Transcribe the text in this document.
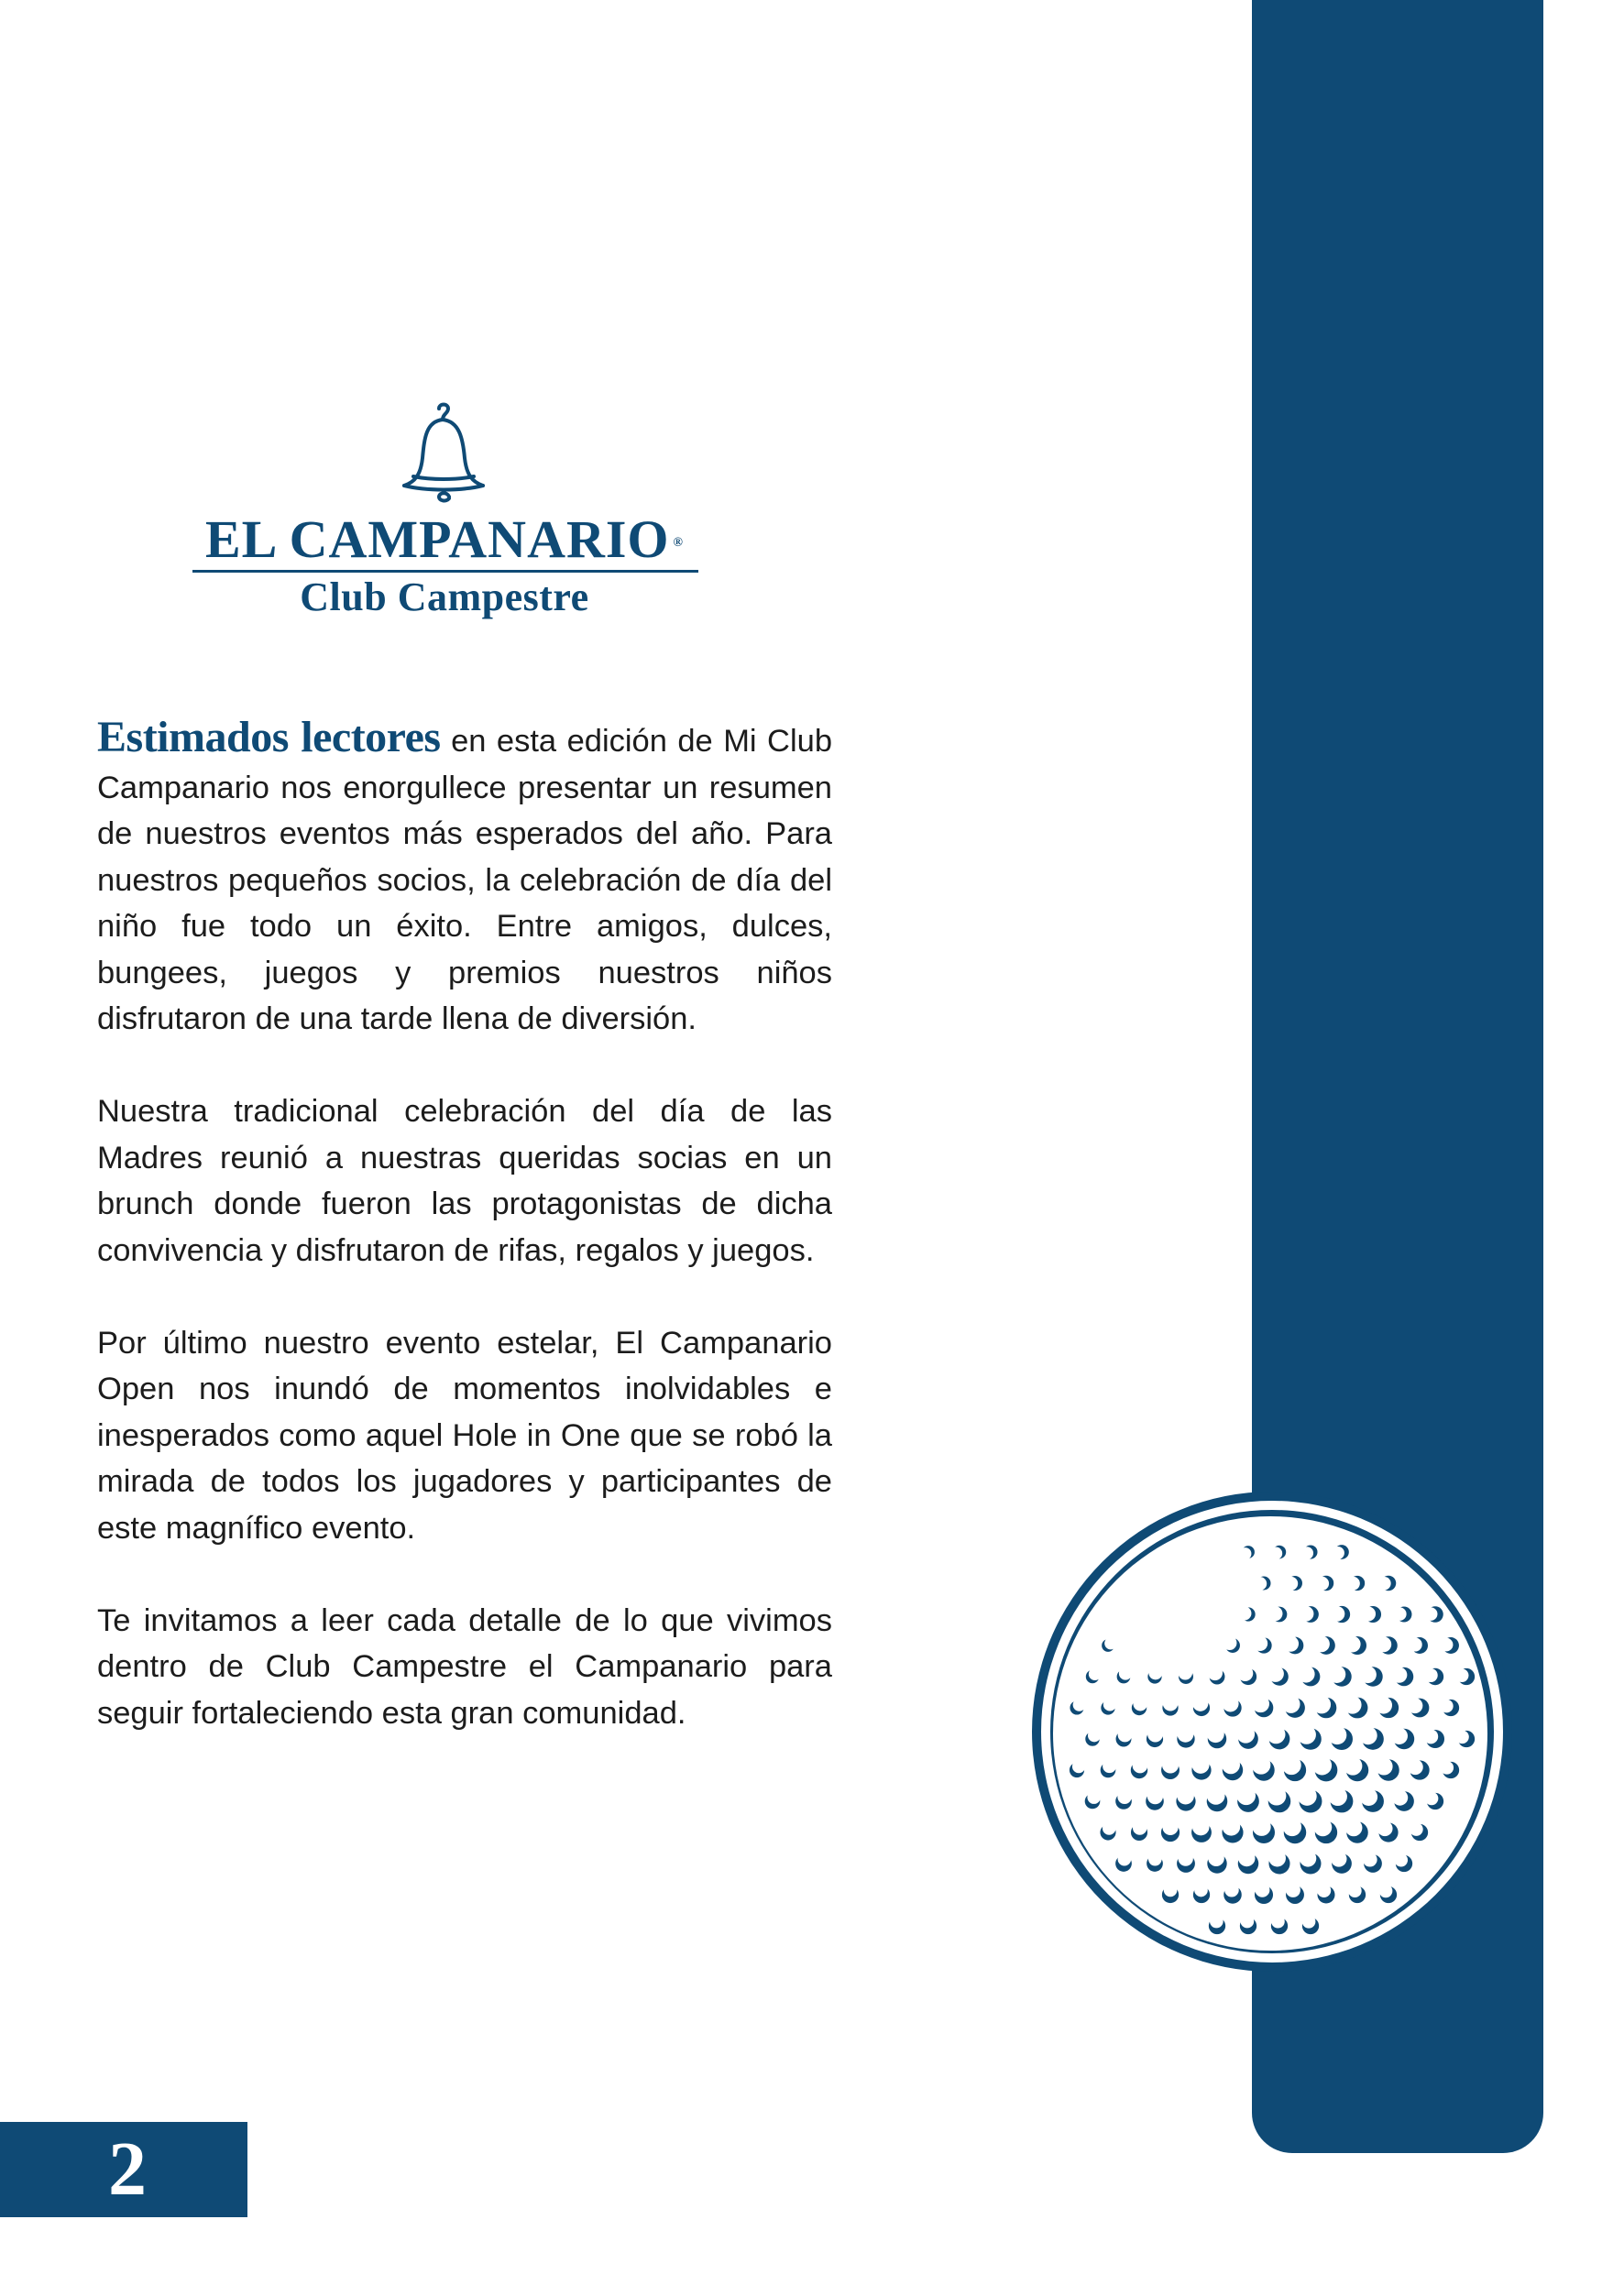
EL CAMPANARIO ®
Club Campestre

Estimados lectores en esta edición de Mi Club Campanario nos enorgullece presentar un resumen de nuestros eventos más esperados del año. Para nuestros pequeños socios, la celebración de día del niño fue todo un éxito. Entre amigos, dulces, bungees, juegos y premios nuestros niños disfrutaron de una tarde llena de diversión.

Nuestra tradicional celebración del día de las Madres reunió a nuestras queridas socias en un brunch donde fueron las protagonistas de dicha convivencia y disfrutaron de rifas, regalos y juegos.

Por último nuestro evento estelar, El Campanario Open nos inundó de momentos inolvidables e inesperados como aquel Hole in One que se robó la mirada de todos los jugadores y participantes de este magnífico evento.

Te invitamos a leer cada detalle de lo que vivimos dentro de Club Campestre el Campanario para seguir fortaleciendo esta gran comunidad.

2
